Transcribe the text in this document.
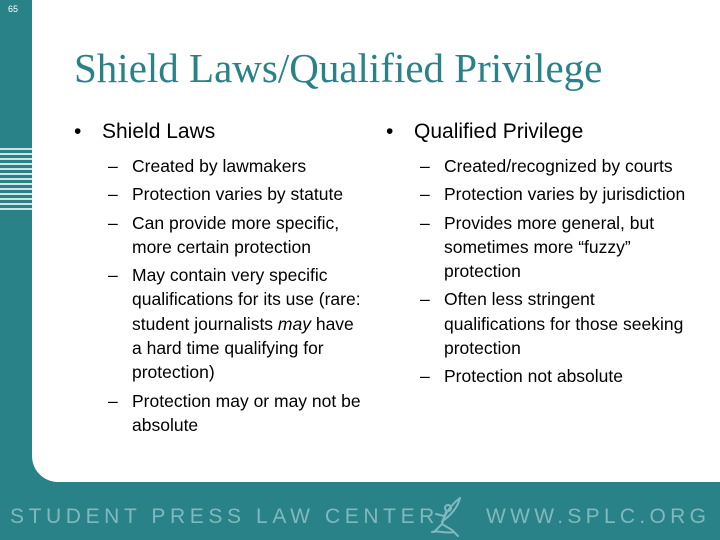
65
Shield Laws/Qualified Privilege
• Shield Laws
– Created by lawmakers
– Protection varies by statute
– Can provide more specific, more certain protection
– May contain very specific qualifications for its use (rare: student journalists may have a hard time qualifying for protection)
– Protection may or may not be absolute
• Qualified Privilege
– Created/recognized by courts
– Protection varies by jurisdiction
– Provides more general, but sometimes more “fuzzy” protection
– Often less stringent qualifications for those seeking protection
– Protection not absolute
STUDENT PRESS LAW CENTER WWW.SPLC.ORG
